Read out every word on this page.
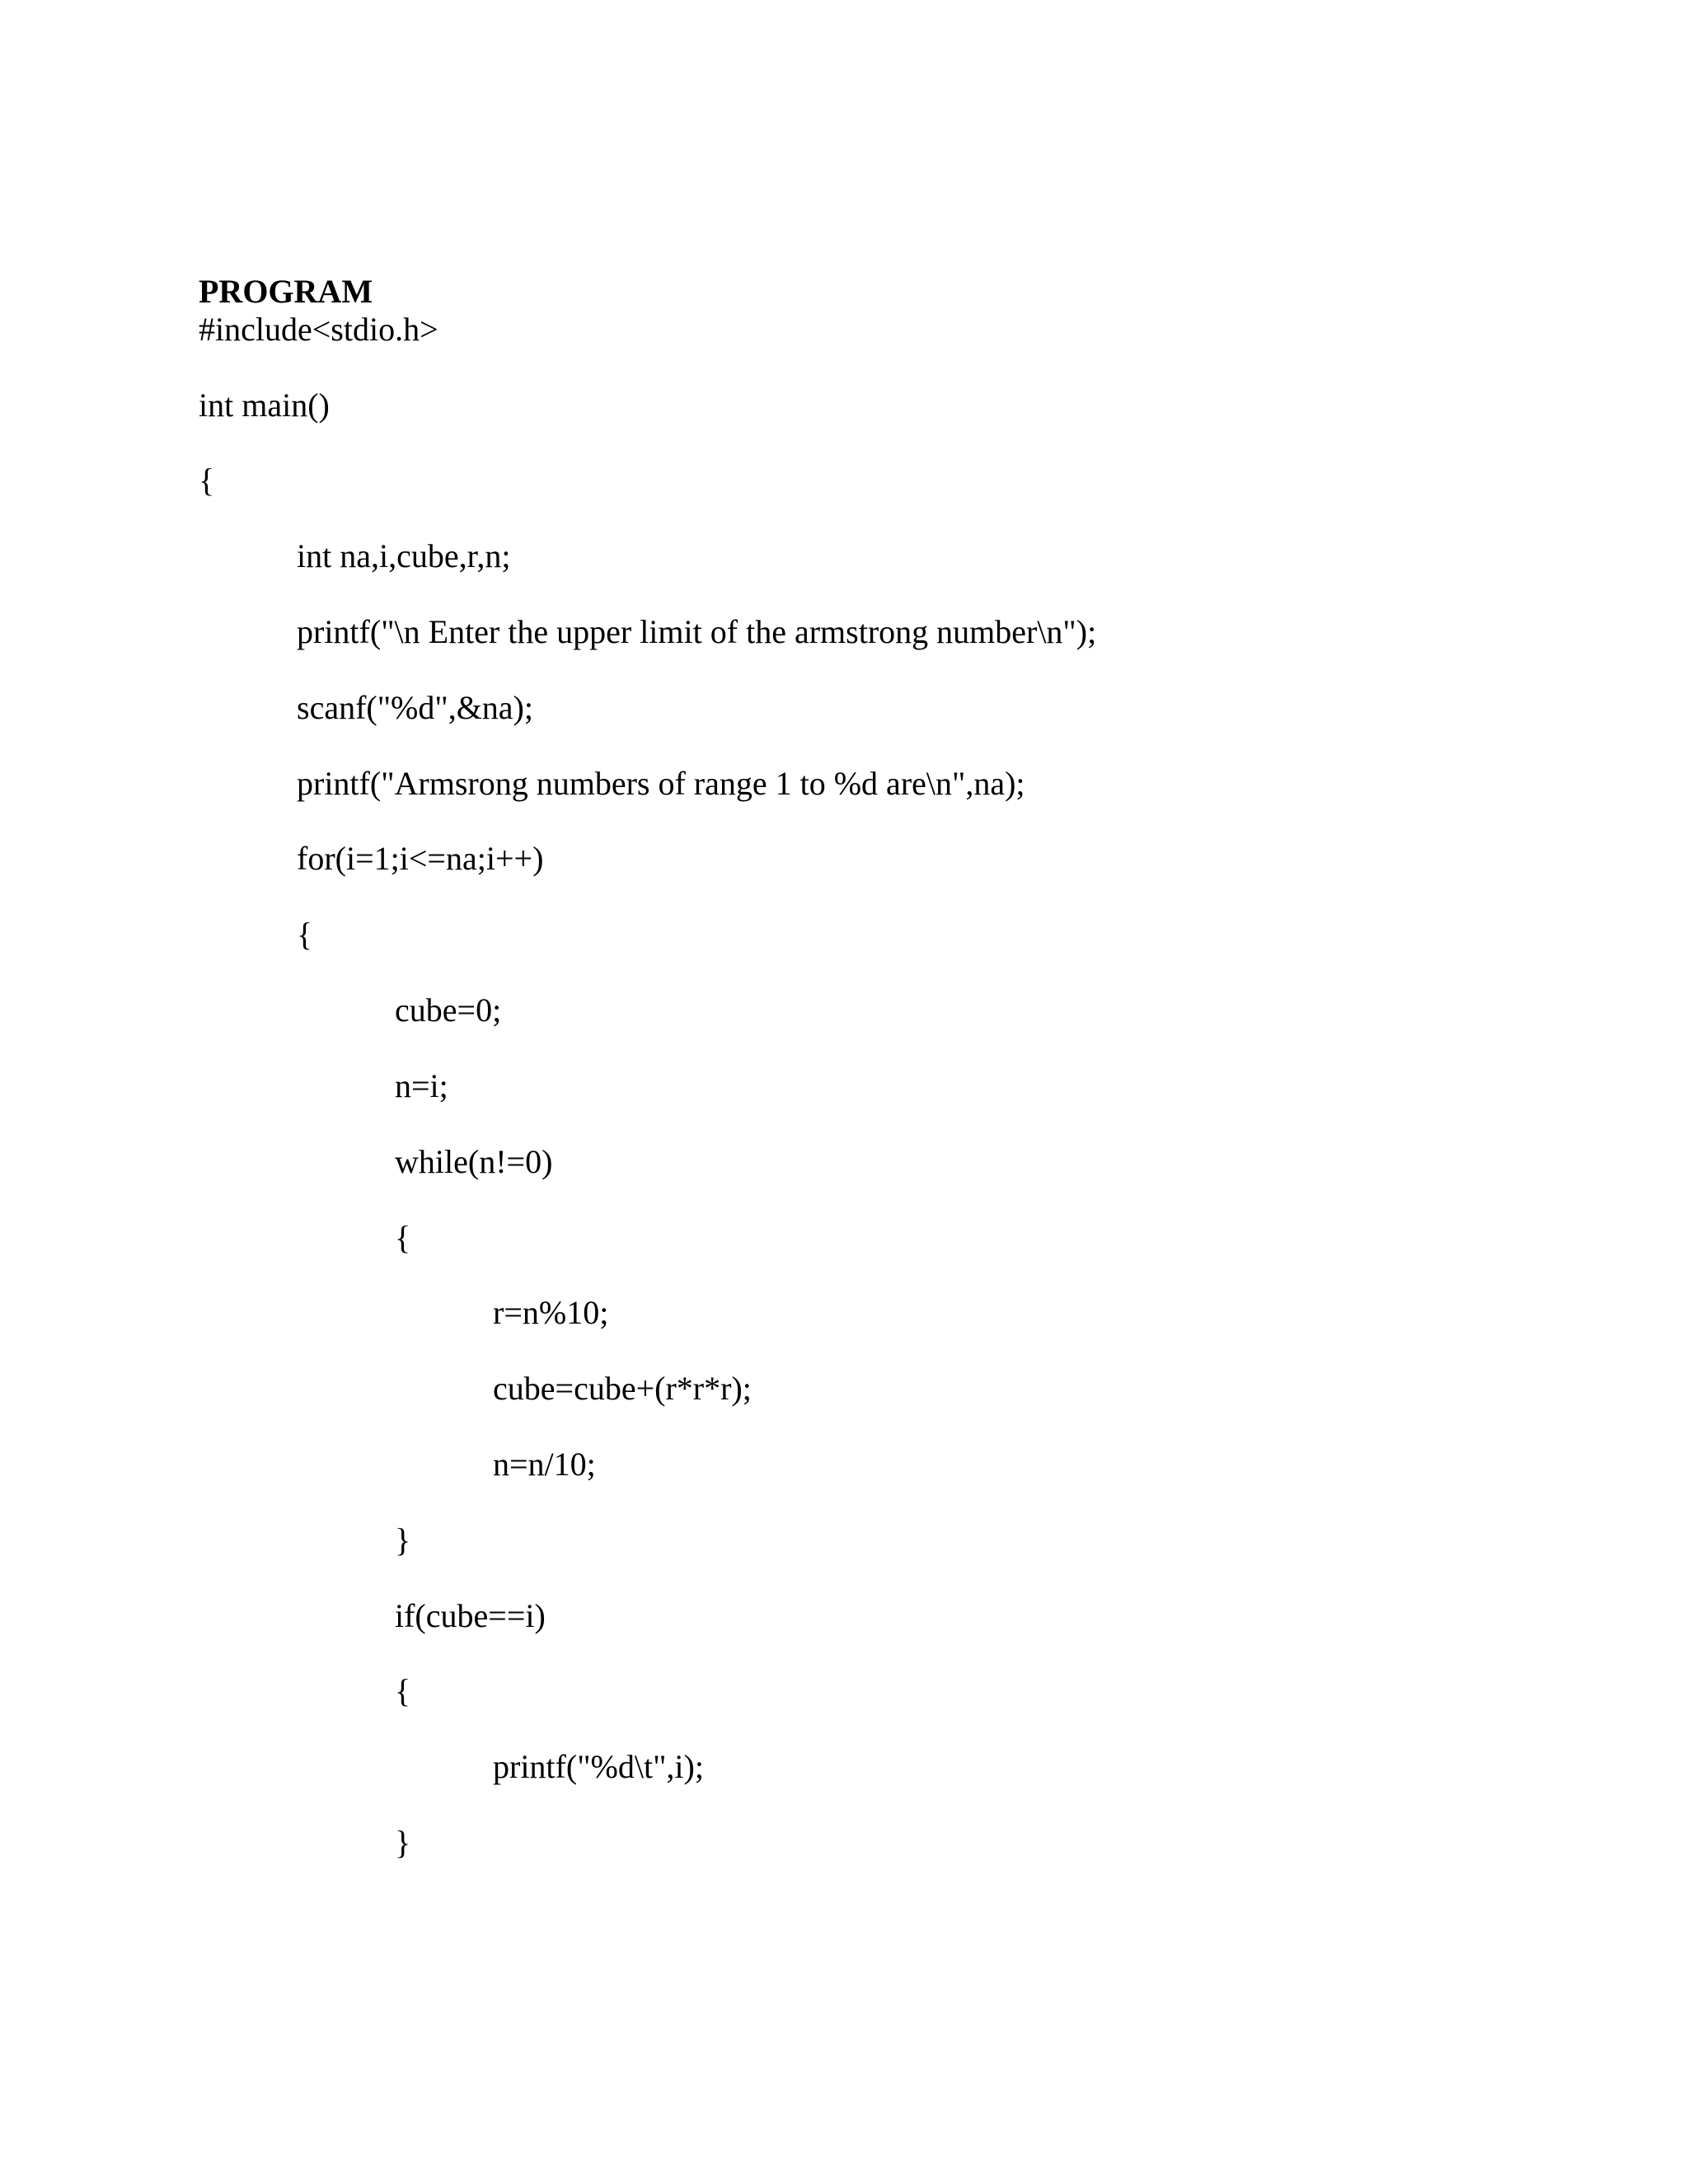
PROGRAM
#include<stdio.h>
int main()
{
int na,i,cube,r,n;
printf("\n Enter the upper limit of the armstrong number\n");
scanf("%d",&na);
printf("Armsrong numbers of range 1 to %d are\n",na);
for(i=1;i<=na;i++)
{
cube=0;
n=i;
while(n!=0)
{
r=n%10;
cube=cube+(r*r*r);
n=n/10;
}
if(cube==i)
{
printf("%d\t",i);
}
